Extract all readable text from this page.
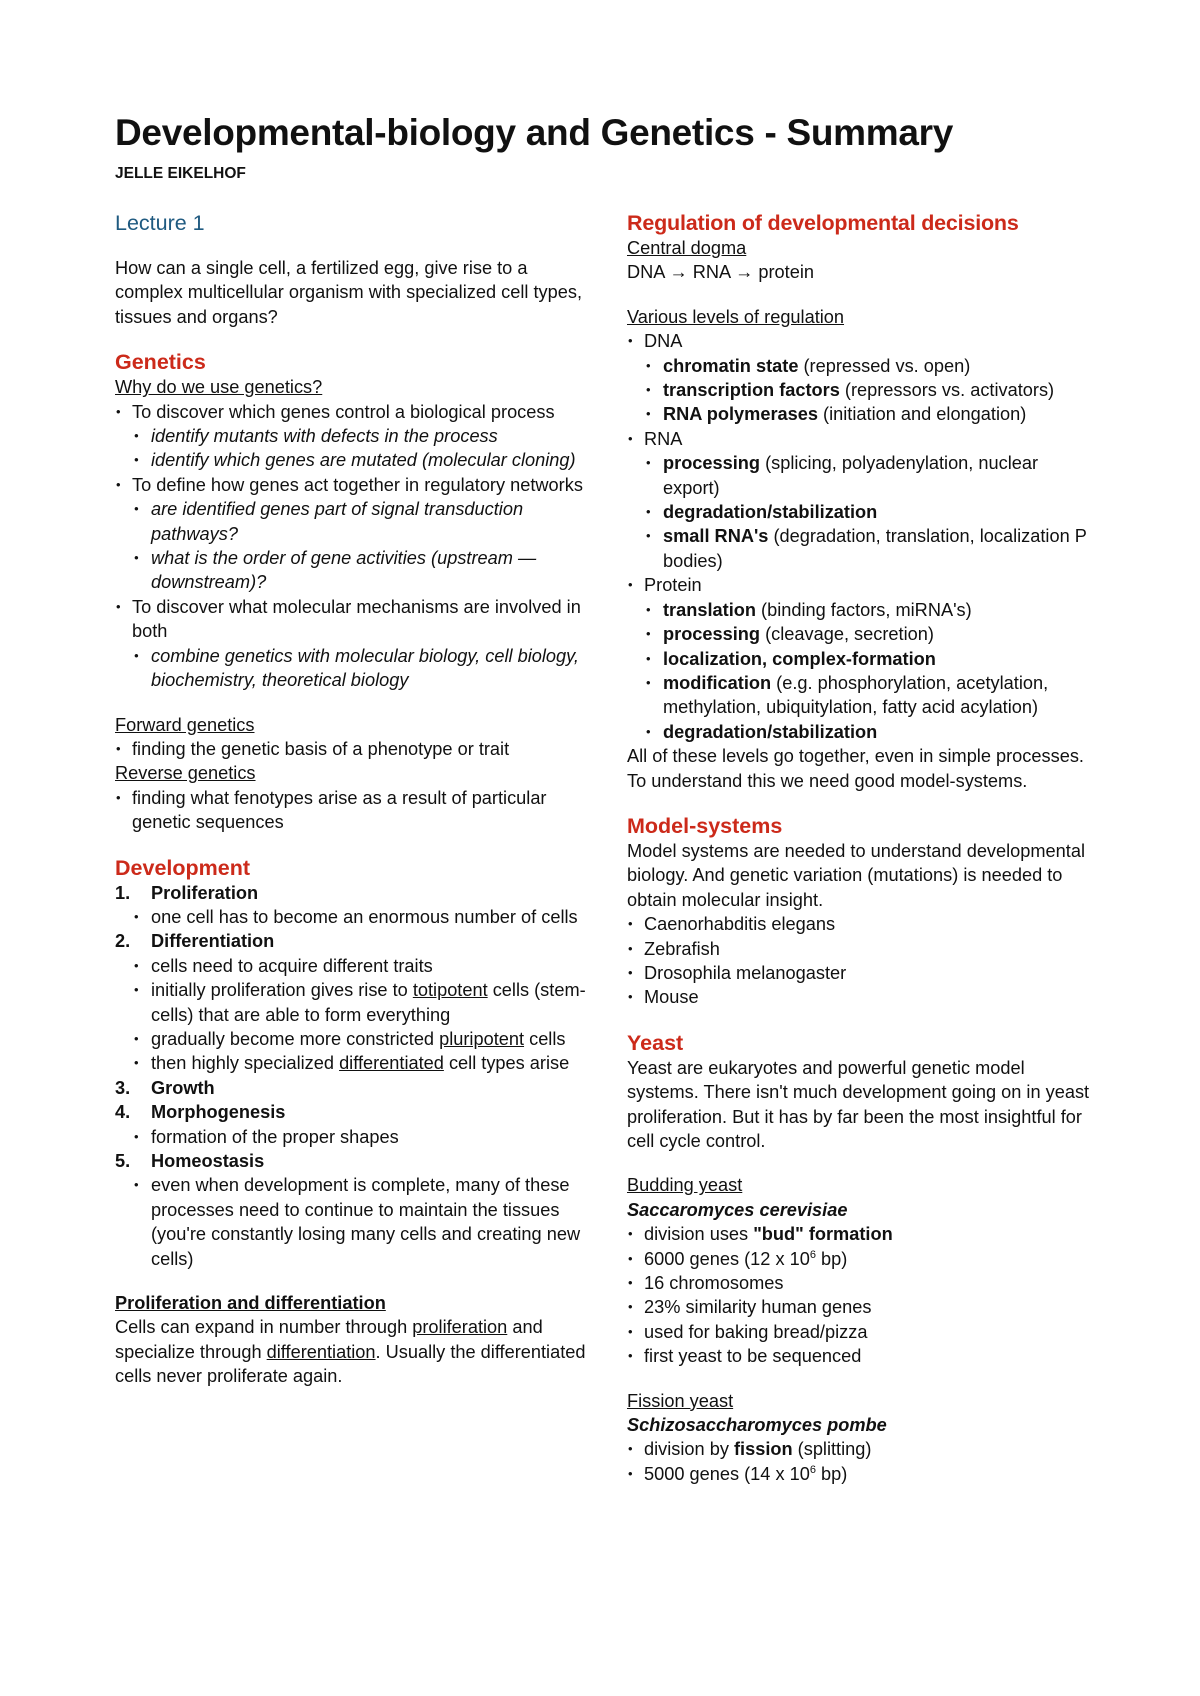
Developmental-biology and Genetics - Summary
JELLE EIKELHOF
Lecture 1

How can a single cell, a fertilized egg, give rise to a complex multicellular organism with specialized cell types, tissues and organs?

Genetics
Why do we use genetics?
• To discover which genes control a biological process
• identify mutants with defects in the process
• identify which genes are mutated (molecular cloning)
• To define how genes act together in regulatory networks
• are identified genes part of signal transduction pathways?
• what is the order of gene activities (upstream — downstream)?
• To discover what molecular mechanisms are involved in both
• combine genetics with molecular biology, cell biology, biochemistry, theoretical biology
Forward genetics
• finding the genetic basis of a phenotype or trait
Reverse genetics
• finding what fenotypes arise as a result of particular genetic sequences
Development
1. Proliferation
• one cell has to become an enormous number of cells
2. Differentiation
• cells need to acquire different traits
• initially proliferation gives rise to totipotent cells (stem-cells) that are able to form everything
• gradually become more constricted pluripotent cells
• then highly specialized differentiated cell types arise
3. Growth
4. Morphogenesis
• formation of the proper shapes
5. Homeostasis
• even when development is complete, many of these processes need to continue to maintain the tissues (you're constantly losing many cells and creating new cells)
Proliferation and differentiation

Cells can expand in number through proliferation and specialize through differentiation. Usually the differentiated cells never proliferate again.

Regulation of developmental decisions
Central dogma
DNA → RNA → protein
Various levels of regulation
• DNA
• chromatin state (repressed vs. open)
• transcription factors (repressors vs. activators)
• RNA polymerases (initiation and elongation)
• RNA
• processing (splicing, polyadenylation, nuclear export)
• degradation/stabilization
• small RNA's (degradation, translation, localization P bodies)
• Protein
• translation (binding factors, miRNA's)
• processing (cleavage, secretion)
• localization, complex-formation
• modification (e.g. phosphorylation, acetylation, methylation, ubiquitylation, fatty acid acylation)
• degradation/stabilization

All of these levels go together, even in simple processes. To understand this we need good model-systems.

Model-systems

Model systems are needed to understand developmental biology. And genetic variation (mutations) is needed to obtain molecular insight.

• Caenorhabditis elegans
• Zebrafish
• Drosophila melanogaster
• Mouse
Yeast

Yeast are eukaryotes and powerful genetic model systems. There isn't much development going on in yeast proliferation. But it has by far been the most insightful for cell cycle control.

Budding yeast
Saccaromyces cerevisiae
• division uses "bud" formation
• 6000 genes (12 x $10^6$ bp)
• 16 chromosomes
• 23% similarity human genes
• used for baking bread/pizza
• first yeast to be sequenced
Fission yeast
Schizosaccharomyces pombe
• division by fission (splitting)
• 5000 genes (14 x $10^6$ bp)
